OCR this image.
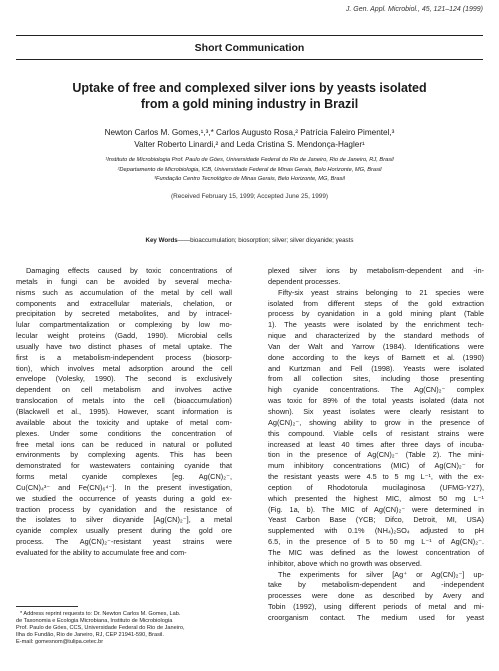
J. Gen. Appl. Microbiol., 45, 121–124 (1999)
Short Communication
Uptake of free and complexed silver ions by yeasts isolated
from a gold mining industry in Brazil
Newton Carlos M. Gomes,¹,³,* Carlos Augusto Rosa,² Patrícia Faleiro Pimentel,³
Valter Roberto Linardi,² and Leda Cristina S. Mendonça-Hagler¹
¹Instituto de Microbiologia Prof. Paulo de Góes, Universidade Federal do Rio de Janeiro, Rio de Janeiro, RJ, Brasil
²Departamento de Microbiologia, ICB, Universidade Federal de Minas Gerais, Belo Horizonte, MG, Brasil
³Fundação Centro Tecnológico de Minas Gerais, Belo Horizonte, MG, Brasil
(Received February 15, 1999; Accepted June 25, 1999)
Key Words——bioaccumulation; biosorption; silver; silver dicyanide; yeasts
Damaging effects caused by toxic concentrations of
metals in fungi can be avoided by several mecha-
nisms such as accumulation of the metal by cell wall
components and extracellular materials, chelation, or
precipitation by secreted metabolites, and by intracel-
lular compartmentalization or complexing by low mo-
lecular weight proteins (Gadd, 1990). Microbial cells
usually have two distinct phases of metal uptake. The
first is a metabolism-independent process (biosorp-
tion), which involves metal adsorption around the cell
envelope (Volesky, 1990). The second is exclusively
dependent on cell metabolism and involves active
translocation of metals into the cell (bioaccumulation)
(Blackwell et al., 1995). However, scant information is
available about the toxicity and uptake of metal com-
plexes. Under some conditions the concentration of
free metal ions can be reduced in natural or polluted
environments by complexing agents. This has been
demonstrated for wastewaters containing cyanide that
forms metal cyanide complexes [eg. Ag(CN)₂⁻,
Cu(CN)₄³⁻ and Fe(CN)₆⁴⁻]. In the present investigation,
we studied the occurrence of yeasts during a gold ex-
traction process by cyanidation and the resistance of
the isolates to silver dicyanide [Ag(CN)₂⁻], a metal
cyanide complex usually present during the gold ore
process. The Ag(CN)₂⁻-resistant yeast strains were
evaluated for the ability to accumulate free and com-
plexed silver ions by metabolism-dependent and -in-
dependent processes.
Fifty-six yeast strains belonging to 21 species were
isolated from different steps of the gold extraction
process by cyanidation in a gold mining plant (Table
1). The yeasts were isolated by the enrichment tech-
nique and characterized by the standard methods of
Van der Walt and Yarrow (1984). Identifications were
done according to the keys of Barnett et al. (1990)
and Kurtzman and Fell (1998). Yeasts were isolated
from all collection sites, including those presenting
high cyanide concentrations. The Ag(CN)₂⁻ complex
was toxic for 89% of the total yeasts isolated (data not
shown). Six yeast isolates were clearly resistant to
Ag(CN)₂⁻, showing ability to grow in the presence of
this compound. Viable cells of resistant strains were
increased at least 40 times after three days of incuba-
tion in the presence of Ag(CN)₂⁻ (Table 2). The mini-
mum inhibitory concentrations (MIC) of Ag(CN)₂⁻ for
the resistant yeasts were 4.5 to 5 mg L⁻¹, with the ex-
ception of Rhodotorula mucilaginosa (UFMG-Y27),
which presented the highest MIC, almost 50 mg L⁻¹
(Fig. 1a, b). The MIC of Ag(CN)₂⁻ were determined in
Yeast Carbon Base (YCB; Difco, Detroit, MI, USA)
supplemented with 0.1% (NH₄)₂SO₄ adjusted to pH
6.5, in the presence of 5 to 50 mg L⁻¹ of Ag(CN)₂⁻.
The MIC was defined as the lowest concentration of
inhibitor, above which no growth was observed.
The experiments for silver [Ag⁺ or Ag(CN)₂⁻] up-
take by metabolism-dependent and -independent
processes were done as described by Avery and
Tobin (1992), using different periods of metal and mi-
croorganism contact. The medium used for yeast
* Address reprint requests to: Dr. Newton Carlos M. Gomes, Lab.
de Taxonomia e Ecologia Microbiana, Instituto de Microbiologia
Prof. Paulo de Góes, CCS, Universidade Federal do Rio de Janeiro,
Ilha do Fundão, Rio de Janeiro, RJ, CEP 21941-590, Brasil.
E-mail: gomesnom@tulipa.cetec.br
